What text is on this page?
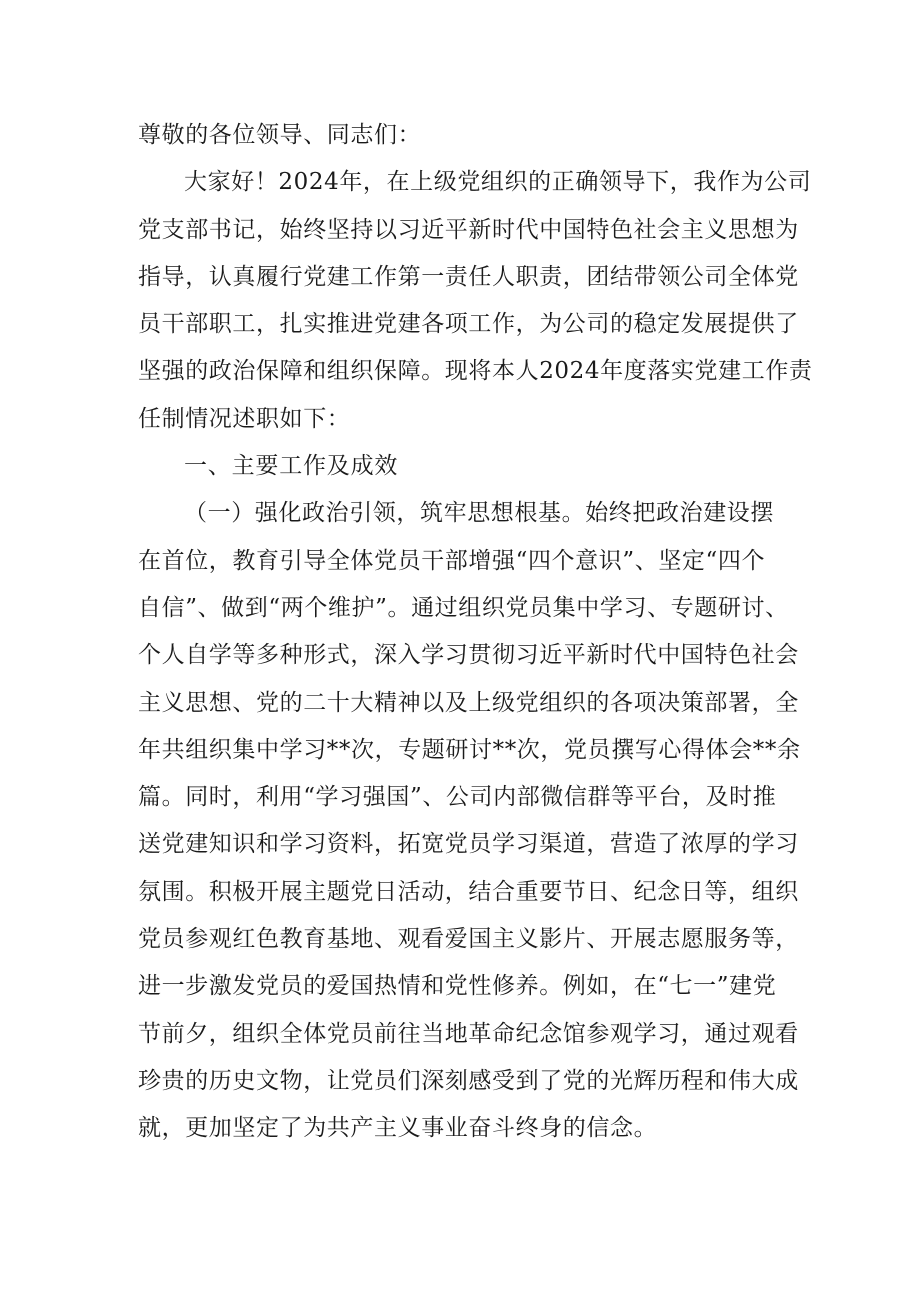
尊敬的各位领导、同志们：
大家好！2024年，在上级党组织的正确领导下，我作为公司
党支部书记，始终坚持以习近平新时代中国特色社会主义思想为
指导，认真履行党建工作第一责任人职责，团结带领公司全体党
员干部职工，扎实推进党建各项工作，为公司的稳定发展提供了
坚强的政治保障和组织保障。现将本人2024年度落实党建工作责
任制情况述职如下：
一、主要工作及成效
（一）强化政治引领，筑牢思想根基。始终把政治建设摆
在首位，教育引导全体党员干部增强“四个意识”、坚定“四个
自信”、做到“两个维护”。通过组织党员集中学习、专题研讨、
个人自学等多种形式，深入学习贯彻习近平新时代中国特色社会
主义思想、党的二十大精神以及上级党组织的各项决策部署，全
年共组织集中学习**次，专题研讨**次，党员撰写心得体会**余
篇。同时，利用“学习强国”、公司内部微信群等平台，及时推
送党建知识和学习资料，拓宽党员学习渠道，营造了浓厚的学习
氛围。积极开展主题党日活动，结合重要节日、纪念日等，组织
党员参观红色教育基地、观看爱国主义影片、开展志愿服务等，
进一步激发党员的爱国热情和党性修养。例如，在“七一”建党
节前夕，组织全体党员前往当地革命纪念馆参观学习，通过观看
珍贵的历史文物，让党员们深刻感受到了党的光辉历程和伟大成
就，更加坚定了为共产主义事业奋斗终身的信念。
